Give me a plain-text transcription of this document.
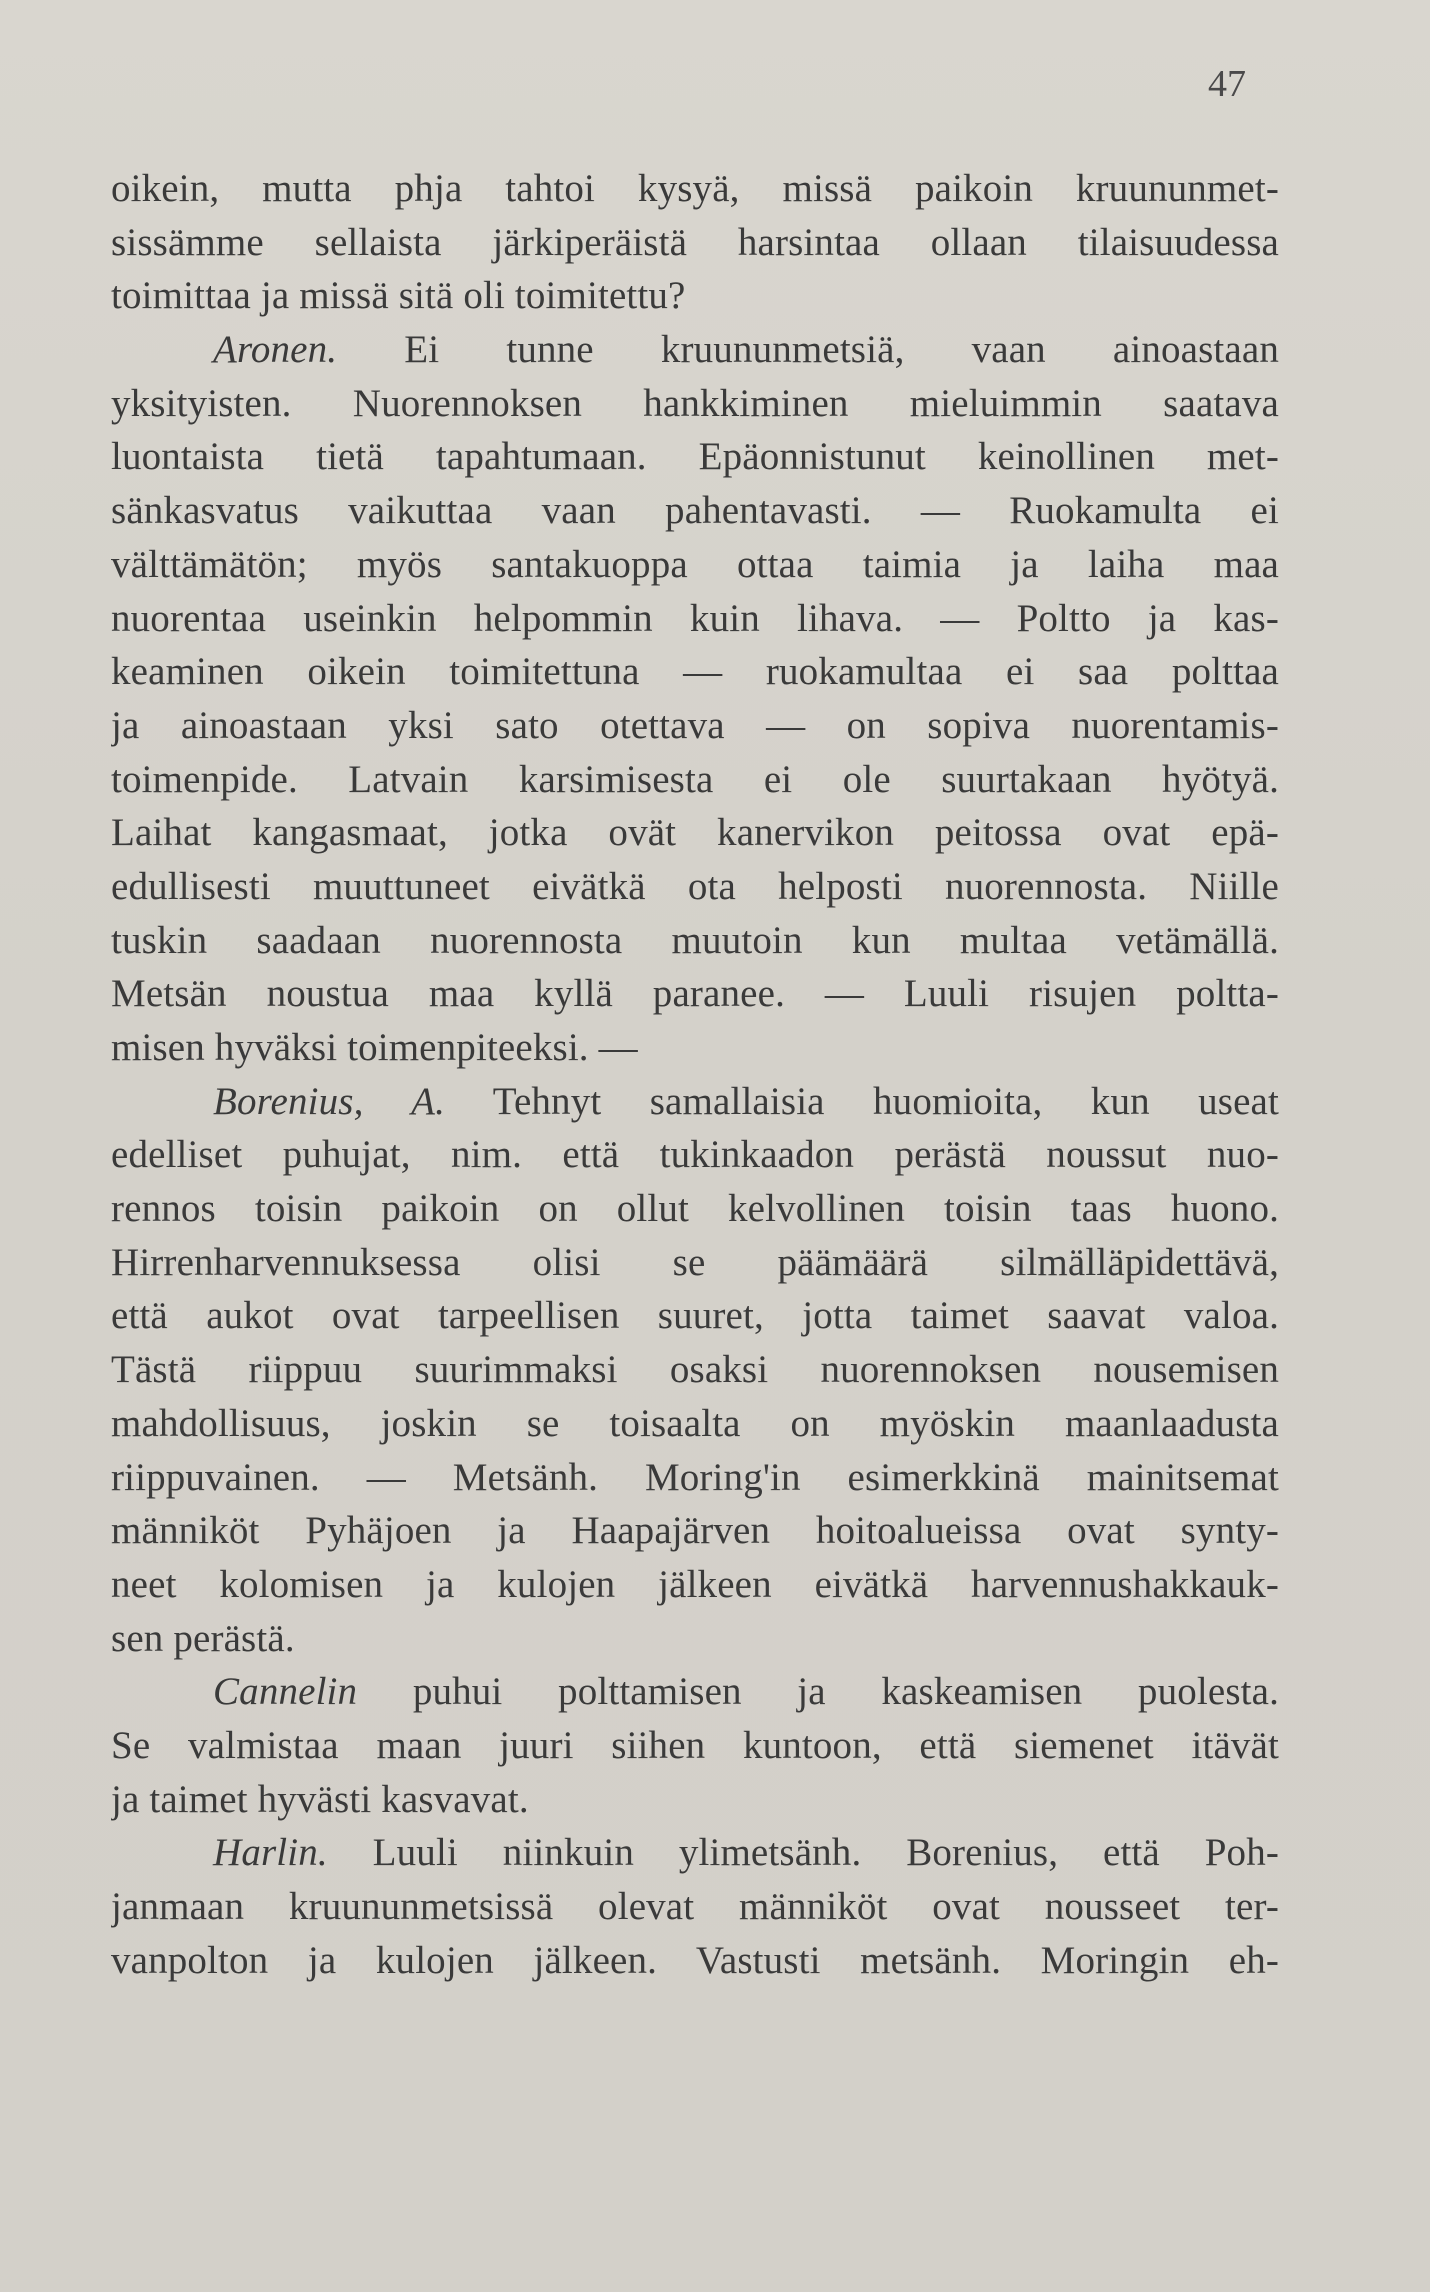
47
oikein, mutta phja tahtoi kysyä, missä paikoin kruununmet-
sissämme sellaista järkiperäistä harsintaa ollaan tilaisuudessa
toimittaa ja missä sitä oli toimitettu?
Aronen. Ei tunne kruununmetsiä, vaan ainoastaan
yksityisten. Nuorennoksen hankkiminen mieluimmin saatava
luontaista tietä tapahtumaan. Epäonnistunut keinollinen met-
sänkasvatus vaikuttaa vaan pahentavasti. — Ruokamulta ei
välttämätön; myös santakuoppa ottaa taimia ja laiha maa
nuorentaa useinkin helpommin kuin lihava. — Poltto ja kas-
keaminen oikein toimitettuna — ruokamultaa ei saa polttaa
ja ainoastaan yksi sato otettava — on sopiva nuorentamis-
toimenpide. Latvain karsimisesta ei ole suurtakaan hyötyä.
Laihat kangasmaat, jotka ovät kanervikon peitossa ovat epä-
edullisesti muuttuneet eivätkä ota helposti nuorennosta. Niille
tuskin saadaan nuorennosta muutoin kun multaa vetämällä.
Metsän noustua maa kyllä paranee. — Luuli risujen poltta-
misen hyväksi toimenpiteeksi. —
Borenius, A. Tehnyt samallaisia huomioita, kun useat
edelliset puhujat, nim. että tukinkaadon perästä noussut nuo-
rennos toisin paikoin on ollut kelvollinen toisin taas huono.
Hirrenharvennuksessa olisi se päämäärä silmälläpidettävä,
että aukot ovat tarpeellisen suuret, jotta taimet saavat valoa.
Tästä riippuu suurimmaksi osaksi nuorennoksen nousemisen
mahdollisuus, joskin se toisaalta on myöskin maanlaadusta
riippuvainen. — Metsänh. Moring'in esimerkkinä mainitsemat
männiköt Pyhäjoen ja Haapajärven hoitoalueissa ovat synty-
neet kolomisen ja kulojen jälkeen eivätkä harvennushakkauk-
sen perästä.
Cannelin puhui polttamisen ja kaskeamisen puolesta.
Se valmistaa maan juuri siihen kuntoon, että siemenet itävät
ja taimet hyvästi kasvavat.
Harlin. Luuli niinkuin ylimetsänh. Borenius, että Poh-
janmaan kruununmetsissä olevat männiköt ovat nousseet ter-
vanpolton ja kulojen jälkeen. Vastusti metsänh. Moringin eh-
